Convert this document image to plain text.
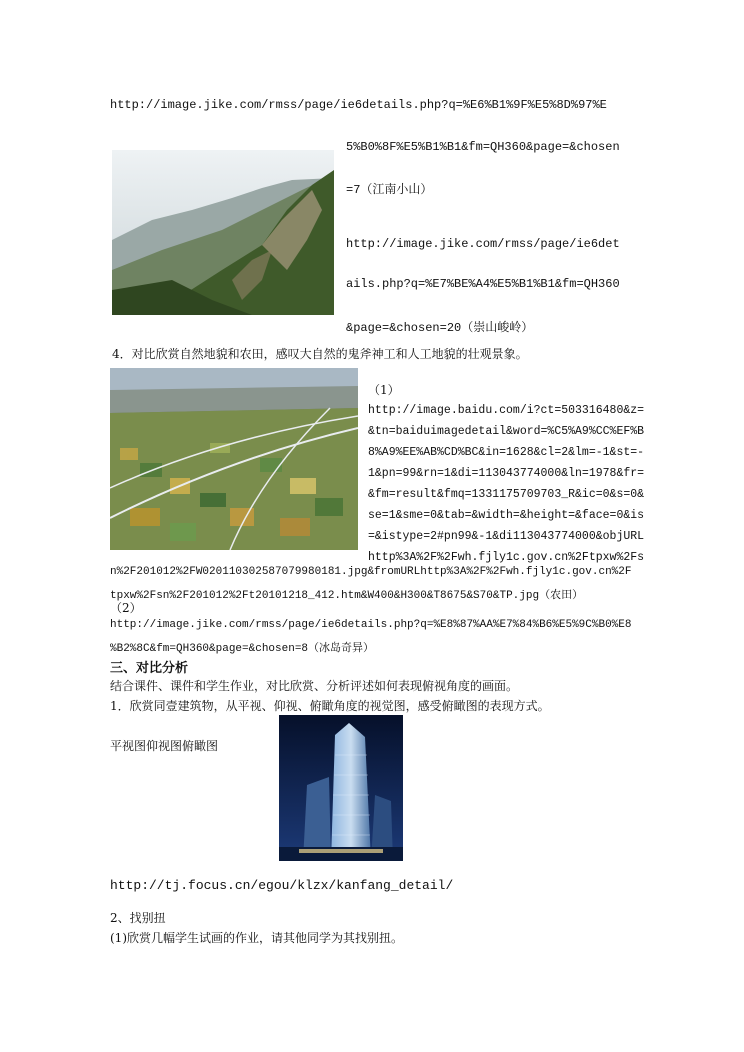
http://image.jike.com/rmss/page/ie6details.php?q=%E6%B1%9F%E5%8D%97%E
5%B0%8F%E5%B1%B1&fm=QH360&page=&chosen
=7（江南小山）
http://image.jike.com/rmss/page/ie6det
ails.php?q=%E7%BE%A4%E5%B1%B1&fm=QH360
&page=&chosen=20（崇山峻岭）
4．对比欣赏自然地貌和农田，感叹大自然的鬼斧神工和人工地貌的壮观景象。
（1）
http://image.baidu.com/i?ct=503316480&z=
&tn=baiduimagedetail&word=%C5%A9%CC%EF%B
8%A9%EE%AB%CD%BC&in=1628&cl=2&lm=-1&st=-
1&pn=99&rn=1&di=113043774000&ln=1978&fr=
&fm=result&fmq=1331175709703_R&ic=0&s=0&
se=1&sme=0&tab=&width=&height=&face=0&is
=&istype=2#pn99&-1&di113043774000&objURL
http%3A%2F%2Fwh.fjly1c.gov.cn%2Ftpxw%2Fs
n%2F201012%2FW020110302587079980181.jpg&fromURLhttp%3A%2F%2Fwh.fjly1c.gov.cn%2F
tpxw%2Fsn%2F201012%2Ft20101218_412.htm&W400&H300&T8675&S70&TP.jpg（农田）
（2）
http://image.jike.com/rmss/page/ie6details.php?q=%E8%87%AA%E7%84%B6%E5%9C%B0%E8
%B2%8C&fm=QH360&page=&chosen=8（冰岛奇异）
三、对比分析
结合课件、课件和学生作业，对比欣赏、分析评述如何表现俯视角度的画面。
1．欣赏同壹建筑物，从平视、仰视、俯瞰角度的视觉图，感受俯瞰图的表现方式。
平视图仰视图俯瞰图
http://tj.focus.cn/egou/klzx/kanfang_detail/
2、找别扭
(1)欣赏几幅学生试画的作业，请其他同学为其找别扭。
